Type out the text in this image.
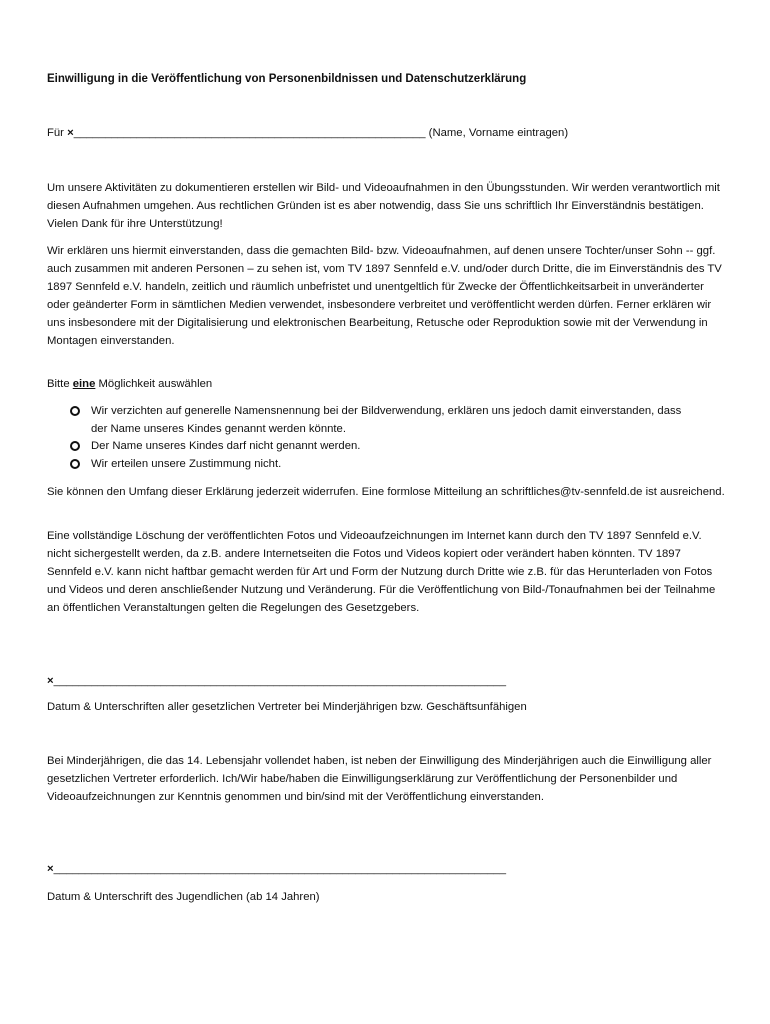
Einwilligung in die Veröffentlichung von Personenbildnissen und Datenschutzerklärung

Für ×________________________________________________________ (Name, Vorname eintragen)

Um unsere Aktivitäten zu dokumentieren erstellen wir Bild- und Videoaufnahmen in den Übungsstunden. Wir werden verantwortlich mit diesen Aufnahmen umgehen. Aus rechtlichen Gründen ist es aber notwendig, dass Sie uns schriftlich Ihr Einverständnis bestätigen. Vielen Dank für ihre Unterstützung!

Wir erklären uns hiermit einverstanden, dass die gemachten Bild- bzw. Videoaufnahmen, auf denen unsere Tochter/unser Sohn -- ggf. auch zusammen mit anderen Personen – zu sehen ist, vom TV 1897 Sennfeld e.V. und/oder durch Dritte, die im Einverständnis des TV 1897 Sennfeld e.V. handeln, zeitlich und räumlich unbefristet und unentgeltlich für Zwecke der Öffentlichkeitsarbeit in unveränderter oder geänderter Form in sämtlichen Medien verwendet, insbesondere verbreitet und veröffentlicht werden dürfen. Ferner erklären wir uns insbesondere mit der Digitalisierung und elektronischen Bearbeitung, Retusche oder Reproduktion sowie mit der Verwendung in Montagen einverstanden.

Bitte eine Möglichkeit auswählen

Wir verzichten auf generelle Namensnennung bei der Bildverwendung, erklären uns jedoch damit einverstanden, dass der Name unseres Kindes genannt werden könnte.
Der Name unseres Kindes darf nicht genannt werden.
Wir erteilen unsere Zustimmung nicht.

Sie können den Umfang dieser Erklärung jederzeit widerrufen. Eine formlose Mitteilung an schriftliches@tv-sennfeld.de ist ausreichend.

Eine vollständige Löschung der veröffentlichten Fotos und Videoaufzeichnungen im Internet kann durch den TV 1897 Sennfeld e.V. nicht sichergestellt werden, da z.B. andere Internetseiten die Fotos und Videos kopiert oder verändert haben könnten. TV 1897 Sennfeld e.V. kann nicht haftbar gemacht werden für Art und Form der Nutzung durch Dritte wie z.B. für das Herunterladen von Fotos und Videos und deren anschließender Nutzung und Veränderung. Für die Veröffentlichung von Bild-/Tonaufnahmen bei der Teilnahme an öffentlichen Veranstaltungen gelten die Regelungen des Gesetzgebers.

×________________________________________________________________________

Datum & Unterschriften aller gesetzlichen Vertreter bei Minderjährigen bzw. Geschäftsunfähigen

Bei Minderjährigen, die das 14. Lebensjahr vollendet haben, ist neben der Einwilligung des Minderjährigen auch die Einwilligung aller gesetzlichen Vertreter erforderlich. Ich/Wir habe/haben die Einwilligungserklärung zur Veröffentlichung der Personenbilder und Videoaufzeichnungen zur Kenntnis genommen und bin/sind mit der Veröffentlichung einverstanden.

×________________________________________________________________________

Datum & Unterschrift des Jugendlichen (ab 14 Jahren)
